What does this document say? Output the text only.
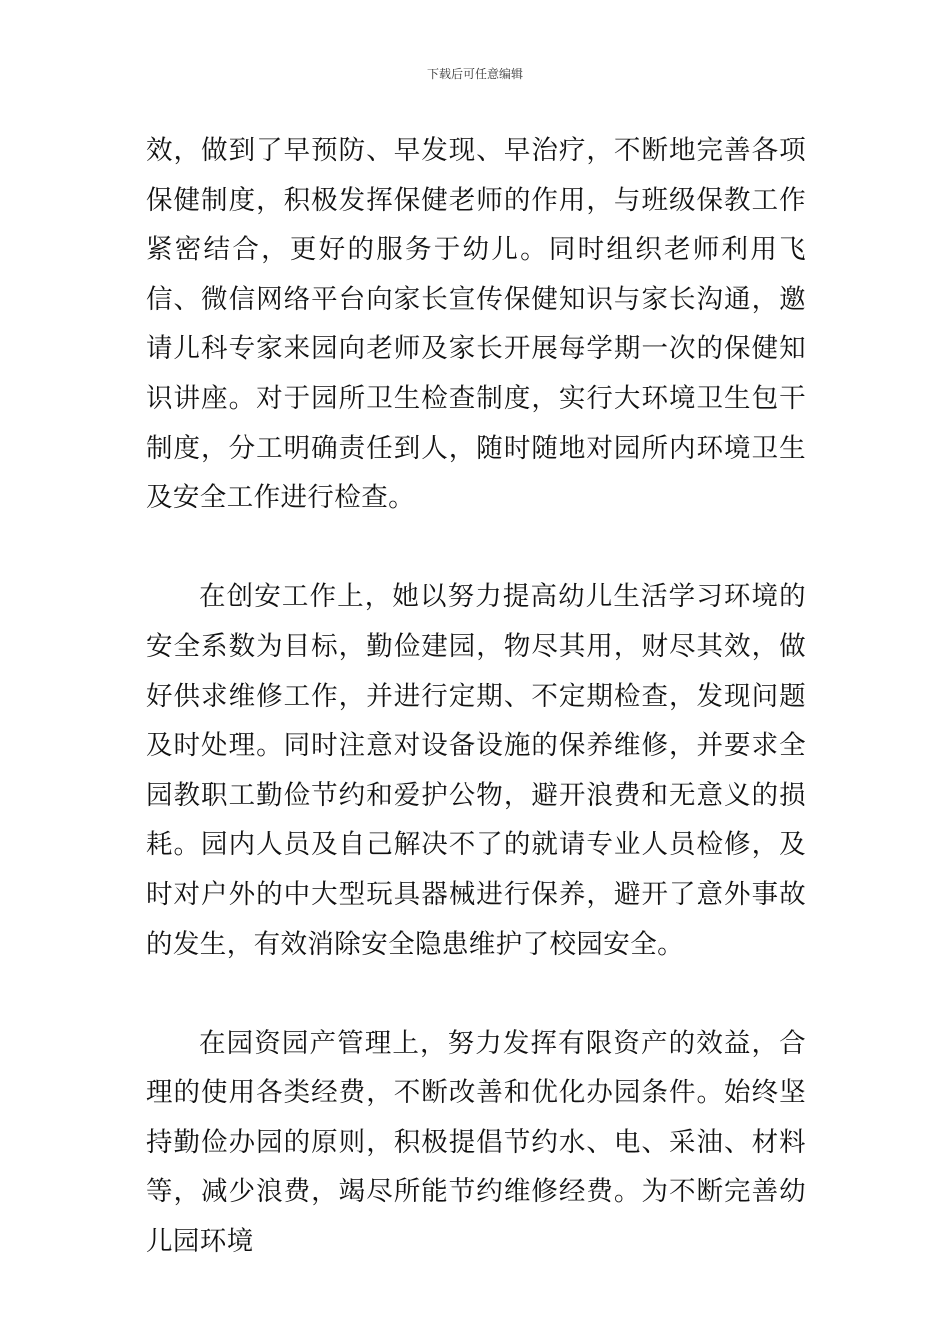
下载后可任意编辑

效，做到了早预防、早发现、早治疗，不断地完善各项保健制度，积极发挥保健老师的作用，与班级保教工作紧密结合，更好的服务于幼儿。同时组织老师利用飞信、微信网络平台向家长宣传保健知识与家长沟通，邀请儿科专家来园向老师及家长开展每学期一次的保健知识讲座。对于园所卫生检查制度，实行大环境卫生包干制度，分工明确责任到人，随时随地对园所内环境卫生及安全工作进行检查。

在创安工作上，她以努力提高幼儿生活学习环境的安全系数为目标，勤俭建园，物尽其用，财尽其效，做好供求维修工作，并进行定期、不定期检查，发现问题及时处理。同时注意对设备设施的保养维修，并要求全园教职工勤俭节约和爱护公物，避开浪费和无意义的损耗。园内人员及自己解决不了的就请专业人员检修，及时对户外的中大型玩具器械进行保养，避开了意外事故的发生，有效消除安全隐患维护了校园安全。

在园资园产管理上，努力发挥有限资产的效益，合理的使用各类经费，不断改善和优化办园条件。始终坚持勤俭办园的原则，积极提倡节约水、电、采油、材料等，减少浪费，竭尽所能节约维修经费。为不断完善幼儿园环境
